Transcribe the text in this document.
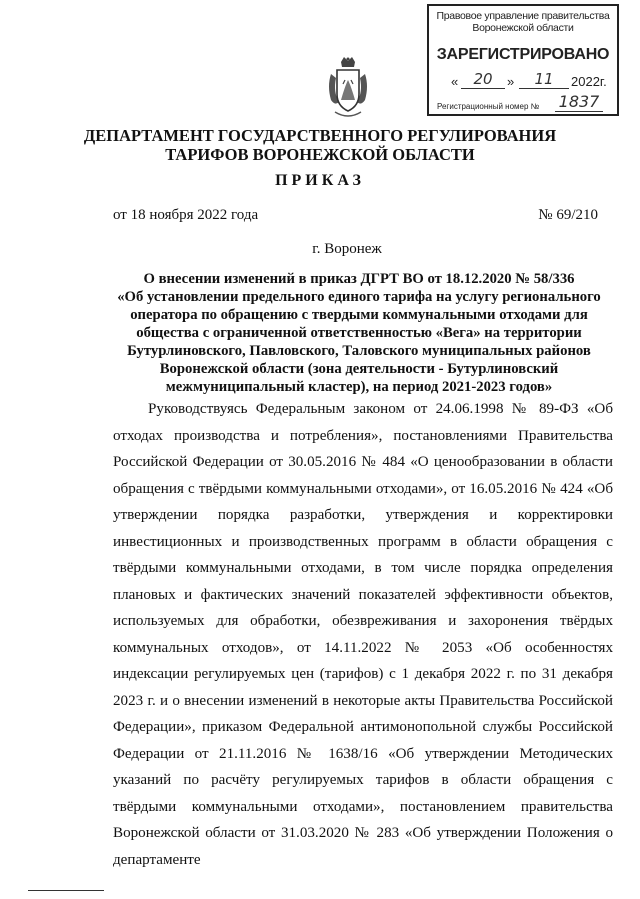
Правовое управление правительства
Воронежской области
ЗАРЕГИСТРИРОВАНО
«	20	»	11	2022г.
Регистрационный номер № 1837
ДЕПАРТАМЕНТ ГОСУДАРСТВЕННОГО РЕГУЛИРОВАНИЯ
ТАРИФОВ ВОРОНЕЖСКОЙ ОБЛАСТИ
ПРИКАЗ
от 18 ноября 2022 года	№ 69/210
г. Воронеж
О внесении изменений в приказ ДГРТ ВО от 18.12.2020 № 58/336
«Об установлении предельного единого тарифа на услугу регионального
оператора по обращению с твердыми коммунальными отходами для
общества с ограниченной ответственностью «Вега» на территории
Бутурлиновского, Павловского, Таловского муниципальных районов
Воронежской области (зона деятельности - Бутурлиновский
межмуниципальный кластер), на период 2021-2023 годов»

Руководствуясь Федеральным законом от 24.06.1998 № 89-ФЗ «Об отходах производства и потребления», постановлениями Правительства Российской Федерации от 30.05.2016 № 484 «О ценообразовании в области обращения с твёрдыми коммунальными отходами», от 16.05.2016 № 424 «Об утверждении порядка разработки, утверждения и корректировки инвестиционных и производственных программ в области обращения с твёрдыми коммунальными отходами, в том числе порядка определения плановых и фактических значений показателей эффективности объектов, используемых для обработки, обезвреживания и захоронения твёрдых коммунальных отходов», от 14.11.2022 № 2053 «Об особенностях индексации регулируемых цен (тарифов) с 1 декабря 2022 г. по 31 декабря 2023 г. и о внесении изменений в некоторые акты Правительства Российской Федерации», приказом Федеральной антимонопольной службы Российской Федерации от 21.11.2016 № 1638/16 «Об утверждении Методических указаний по расчёту регулируемых тарифов в области обращения с твёрдыми коммунальными отходами», постановлением правительства Воронежской области от 31.03.2020 № 283 «Об утверждении Положения о департаменте
